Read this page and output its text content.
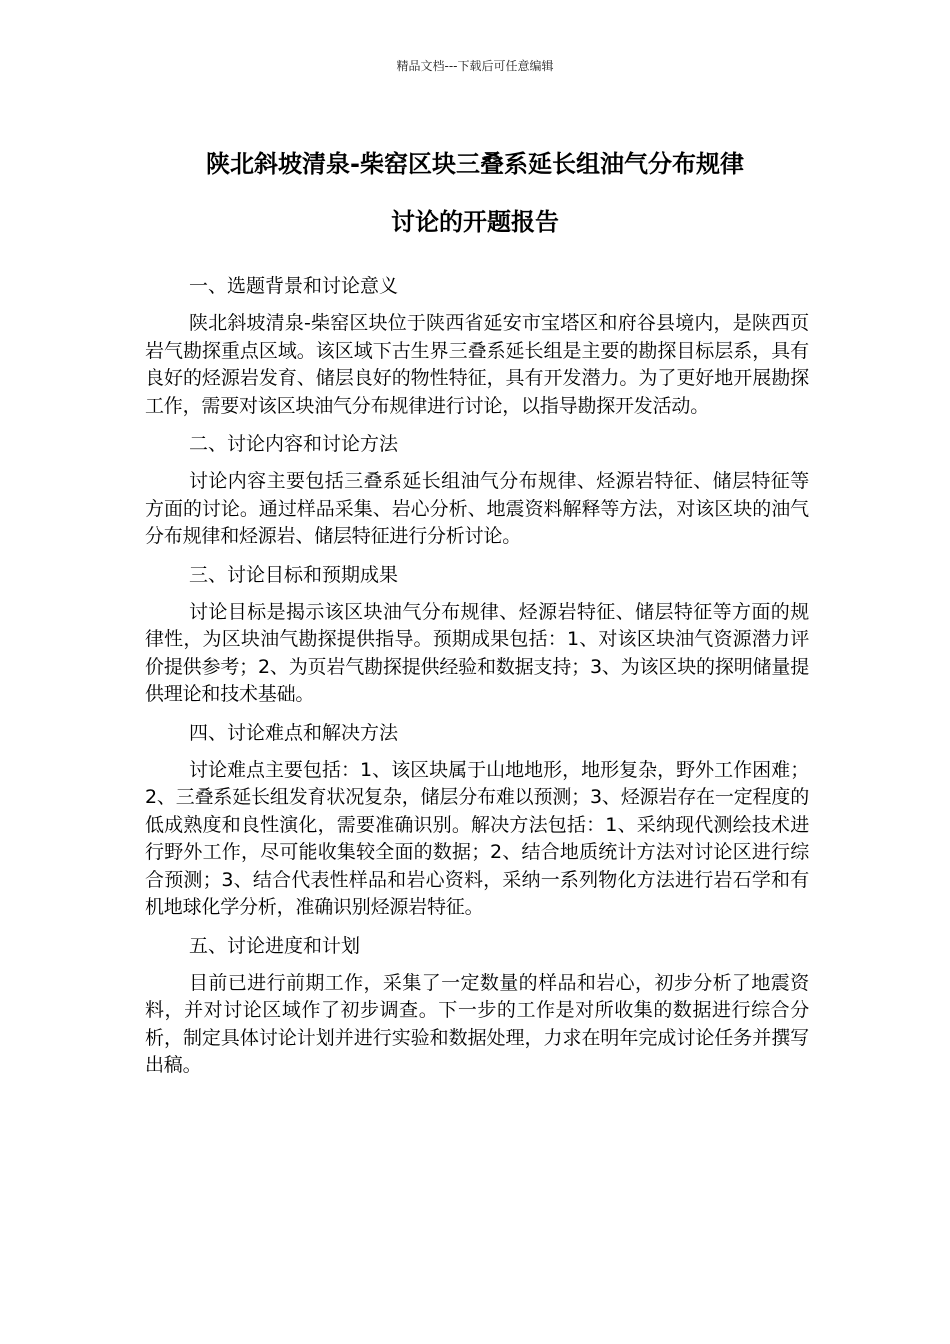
精品文档---下载后可任意编辑
陕北斜坡清泉-柴窑区块三叠系延长组油气分布规律
讨论的开题报告
一、选题背景和讨论意义
陕北斜坡清泉-柴窑区块位于陕西省延安市宝塔区和府谷县境内，是陕西页岩气勘探重点区域。该区域下古生界三叠系延长组是主要的勘探目标层系，具有良好的烃源岩发育、储层良好的物性特征，具有开发潜力。为了更好地开展勘探工作，需要对该区块油气分布规律进行讨论，以指导勘探开发活动。
二、讨论内容和讨论方法
讨论内容主要包括三叠系延长组油气分布规律、烃源岩特征、储层特征等方面的讨论。通过样品采集、岩心分析、地震资料解释等方法，对该区块的油气分布规律和烃源岩、储层特征进行分析讨论。
三、讨论目标和预期成果
讨论目标是揭示该区块油气分布规律、烃源岩特征、储层特征等方面的规律性，为区块油气勘探提供指导。预期成果包括：1、对该区块油气资源潜力评价提供参考；2、为页岩气勘探提供经验和数据支持；3、为该区块的探明储量提供理论和技术基础。
四、讨论难点和解决方法
讨论难点主要包括：1、该区块属于山地地形，地形复杂，野外工作困难；2、三叠系延长组发育状况复杂，储层分布难以预测；3、烃源岩存在一定程度的低成熟度和良性演化，需要准确识别。解决方法包括：1、采纳现代测绘技术进行野外工作，尽可能收集较全面的数据；2、结合地质统计方法对讨论区进行综合预测；3、结合代表性样品和岩心资料，采纳一系列物化方法进行岩石学和有机地球化学分析，准确识别烃源岩特征。
五、讨论进度和计划
目前已进行前期工作，采集了一定数量的样品和岩心，初步分析了地震资料，并对讨论区域作了初步调查。下一步的工作是对所收集的数据进行综合分析，制定具体讨论计划并进行实验和数据处理，力求在明年完成讨论任务并撰写出稿。
